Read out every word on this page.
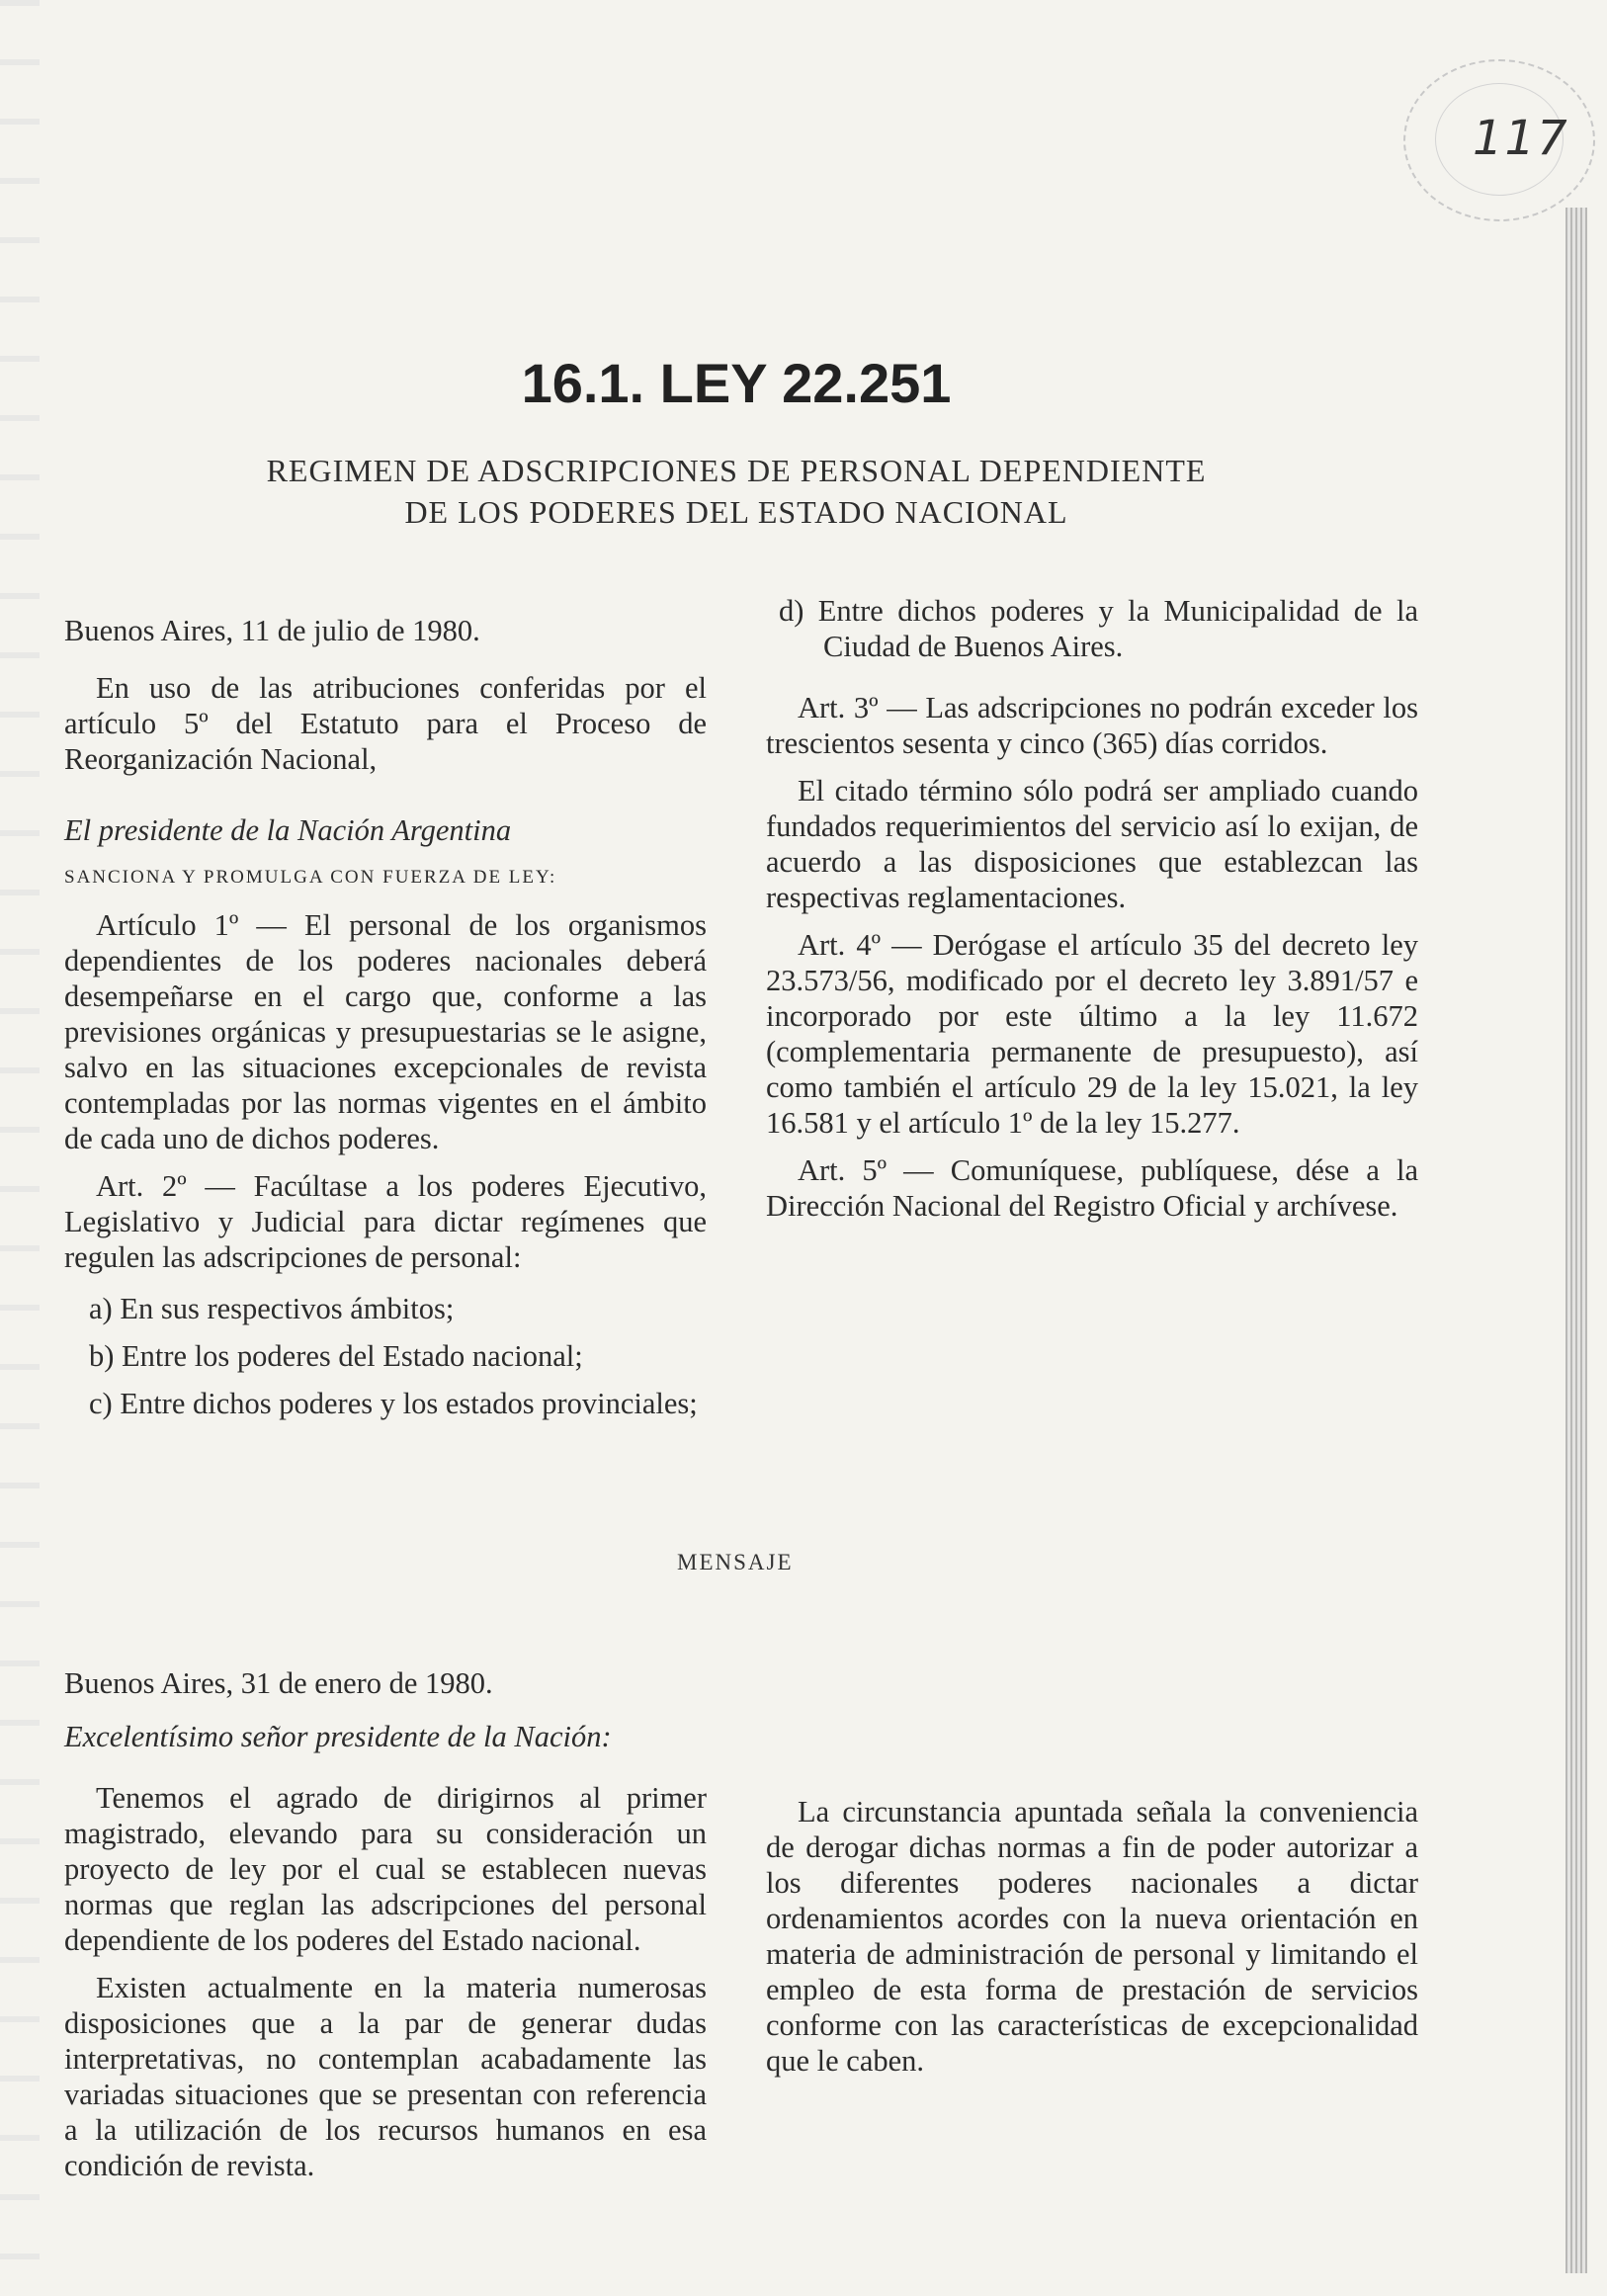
117
16.1. LEY 22.251
REGIMEN DE ADSCRIPCIONES DE PERSONAL DEPENDIENTE
DE LOS PODERES DEL ESTADO NACIONAL

Buenos Aires, 11 de julio de 1980.

En uso de las atribuciones conferidas por el artículo 5º del Estatuto para el Proceso de Reorganización Nacional,

El presidente de la Nación Argentina

SANCIONA Y PROMULGA CON FUERZA DE LEY:

Artículo 1º — El personal de los organismos dependientes de los poderes nacionales deberá desempeñarse en el cargo que, conforme a las previsiones orgánicas y presupuestarias se le asigne, salvo en las situaciones excepcionales de revista contempladas por las normas vigentes en el ámbito de cada uno de dichos poderes.

Art. 2º — Facúltase a los poderes Ejecutivo, Legislativo y Judicial para dictar regímenes que regulen las adscripciones de personal:

a) En sus respectivos ámbitos;

b) Entre los poderes del Estado nacional;

c) Entre dichos poderes y los estados provinciales;

d) Entre dichos poderes y la Municipalidad de la Ciudad de Buenos Aires.

Art. 3º — Las adscripciones no podrán exceder los trescientos sesenta y cinco (365) días corridos.

El citado término sólo podrá ser ampliado cuando fundados requerimientos del servicio así lo exijan, de acuerdo a las disposiciones que establezcan las respectivas reglamentaciones.

Art. 4º — Derógase el artículo 35 del decreto ley 23.573/56, modificado por el decreto ley 3.891/57 e incorporado por este último a la ley 11.672 (complementaria permanente de presupuesto), así como también el artículo 29 de la ley 15.021, la ley 16.581 y el artículo 1º de la ley 15.277.

Art. 5º — Comuníquese, publíquese, dése a la Dirección Nacional del Registro Oficial y archívese.

MENSAJE

Buenos Aires, 31 de enero de 1980.

Excelentísimo señor presidente de la Nación:

Tenemos el agrado de dirigirnos al primer magistrado, elevando para su consideración un proyecto de ley por el cual se establecen nuevas normas que reglan las adscripciones del personal dependiente de los poderes del Estado nacional.

Existen actualmente en la materia numerosas disposiciones que a la par de generar dudas interpretativas, no contemplan acabadamente las variadas situaciones que se presentan con referencia a la utilización de los recursos humanos en esa condición de revista.

La circunstancia apuntada señala la conveniencia de derogar dichas normas a fin de poder autorizar a los diferentes poderes nacionales a dictar ordenamientos acordes con la nueva orientación en materia de administración de personal y limitando el empleo de esta forma de prestación de servicios conforme con las características de excepcionalidad que le caben.
